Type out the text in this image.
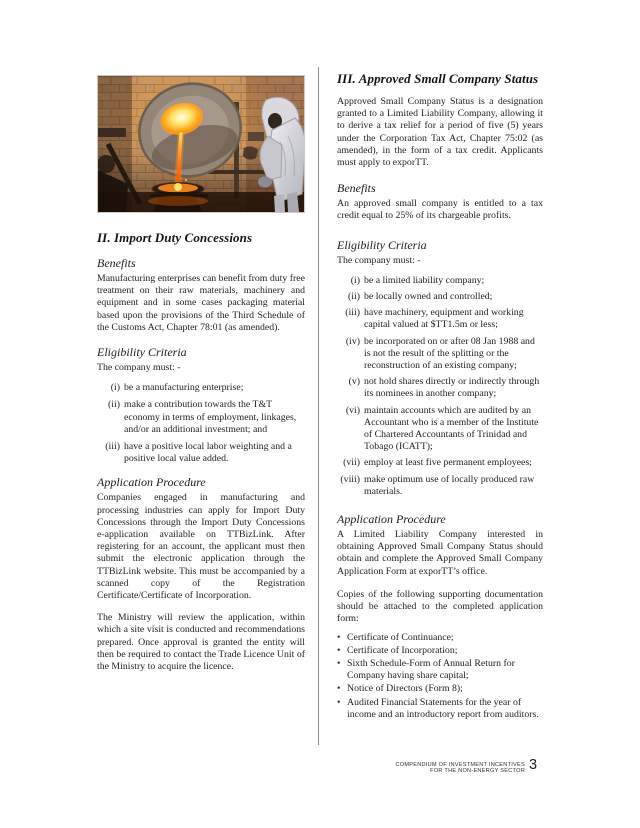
II. Import Duty Concessions
Benefits

Manufacturing enterprises can benefit from duty free treatment on their raw materials, machinery and equipment and in some cases packaging material based upon the provisions of the Third Schedule of the Customs Act, Chapter 78:01 (as amended).

Eligibility Criteria

The company must: -

(i) be a manufacturing enterprise;
(ii) make a contribution towards the T&T economy in terms of employment, linkages, and/or an additional investment; and
(iii) have a positive local labor weighting and a positive local value added.
Application Procedure

Companies engaged in manufacturing and processing industries can apply for Import Duty Concessions through the Import Duty Concessions e-application available on TTBizLink. After registering for an account, the applicant must then submit the electronic application through the TTBizLink website. This must be accompanied by a scanned copy of the Registration Certificate/Certificate of Incorporation.

The Ministry will review the application, within which a site visit is conducted and recommendations prepared. Once approval is granted the entity will then be required to contact the Trade Licence Unit of the Ministry to acquire the licence.

III. Approved Small Company Status

Approved Small Company Status is a designation granted to a Limited Liability Company, allowing it to derive a tax relief for a period of five (5) years under the Corporation Tax Act, Chapter 75:02 (as amended), in the form of a tax credit. Applicants must apply to exporTT.

Benefits

An approved small company is entitled to a tax credit equal to 25% of its chargeable profits.

Eligibility Criteria

The company must: -

(i) be a limited liability company;
(ii) be locally owned and controlled;
(iii) have machinery, equipment and working capital valued at $TT1.5m or less;
(iv) be incorporated on or after 08 Jan 1988 and is not the result of the splitting or the reconstruction of an existing company;
(v) not hold shares directly or indirectly through its nominees in another company;
(vi) maintain accounts which are audited by an Accountant who is a member of the Institute of Chartered Accountants of Trinidad and Tobago (ICATT);
(vii) employ at least five permanent employees;
(viii) make optimum use of locally produced raw materials.
Application Procedure

A Limited Liability Company interested in obtaining Approved Small Company Status should obtain and complete the Approved Small Company Application Form at exporTT’s office.

Copies of the following supporting documentation should be attached to the completed application form:

• Certificate of Continuance;
• Certificate of Incorporation;
• Sixth Schedule-Form of Annual Return for Company having share capital;
• Notice of Directors (Form 8);
• Audited Financial Statements for the year of income and an introductory report from auditors.
COMPENDIUM OF INVESTMENT INCENTIVES
FOR THE NON-ENERGY SECTOR 3
